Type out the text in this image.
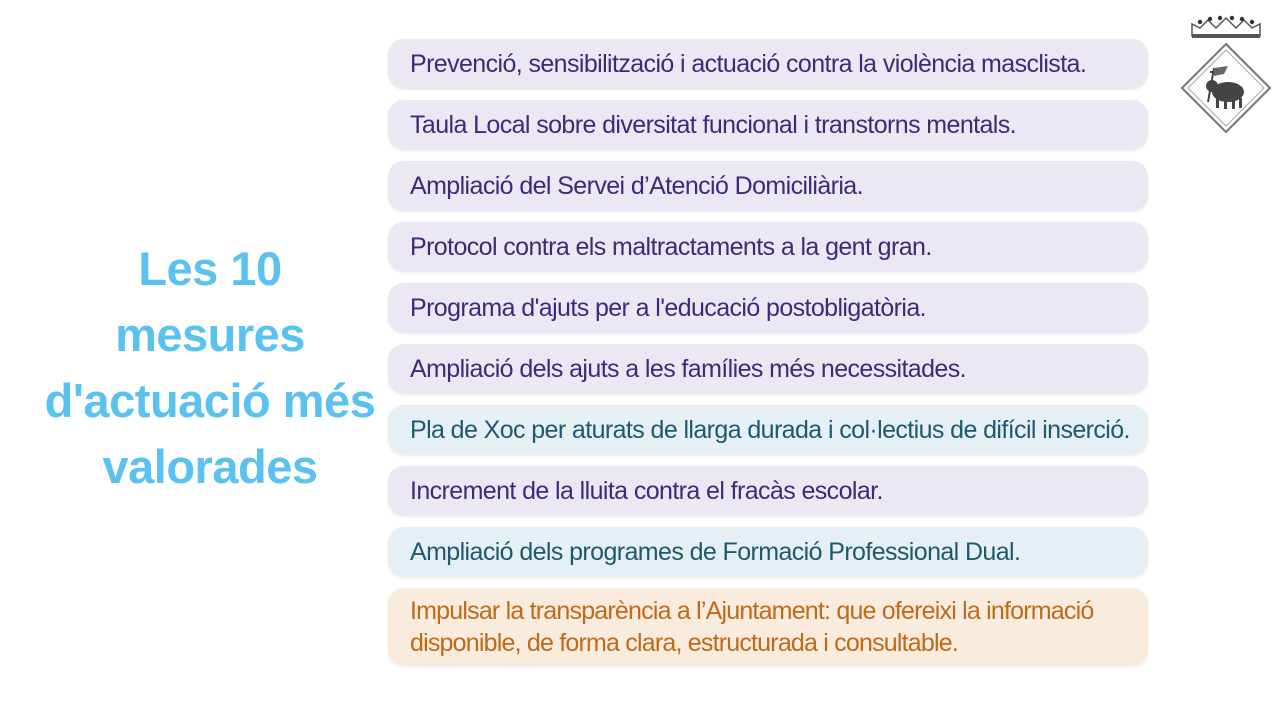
Les 10 mesures
d'actuació més
valorades
Prevenció, sensibilització i actuació contra la violència masclista.
Taula Local sobre diversitat funcional i transtorns mentals.
Ampliació del Servei d’Atenció Domiciliària.
Protocol contra els maltractaments a la gent gran.
Programa d'ajuts per a l'educació postobligatòria.
Ampliació dels ajuts a les famílies més necessitades.
Pla de Xoc per aturats de llarga durada i col·lectius de difícil inserció.
Increment de la lluita contra el fracàs escolar.
Ampliació dels programes de Formació Professional Dual.
Impulsar la transparència a l’Ajuntament: que ofereixi la informació disponible, de forma clara, estructurada i consultable.
